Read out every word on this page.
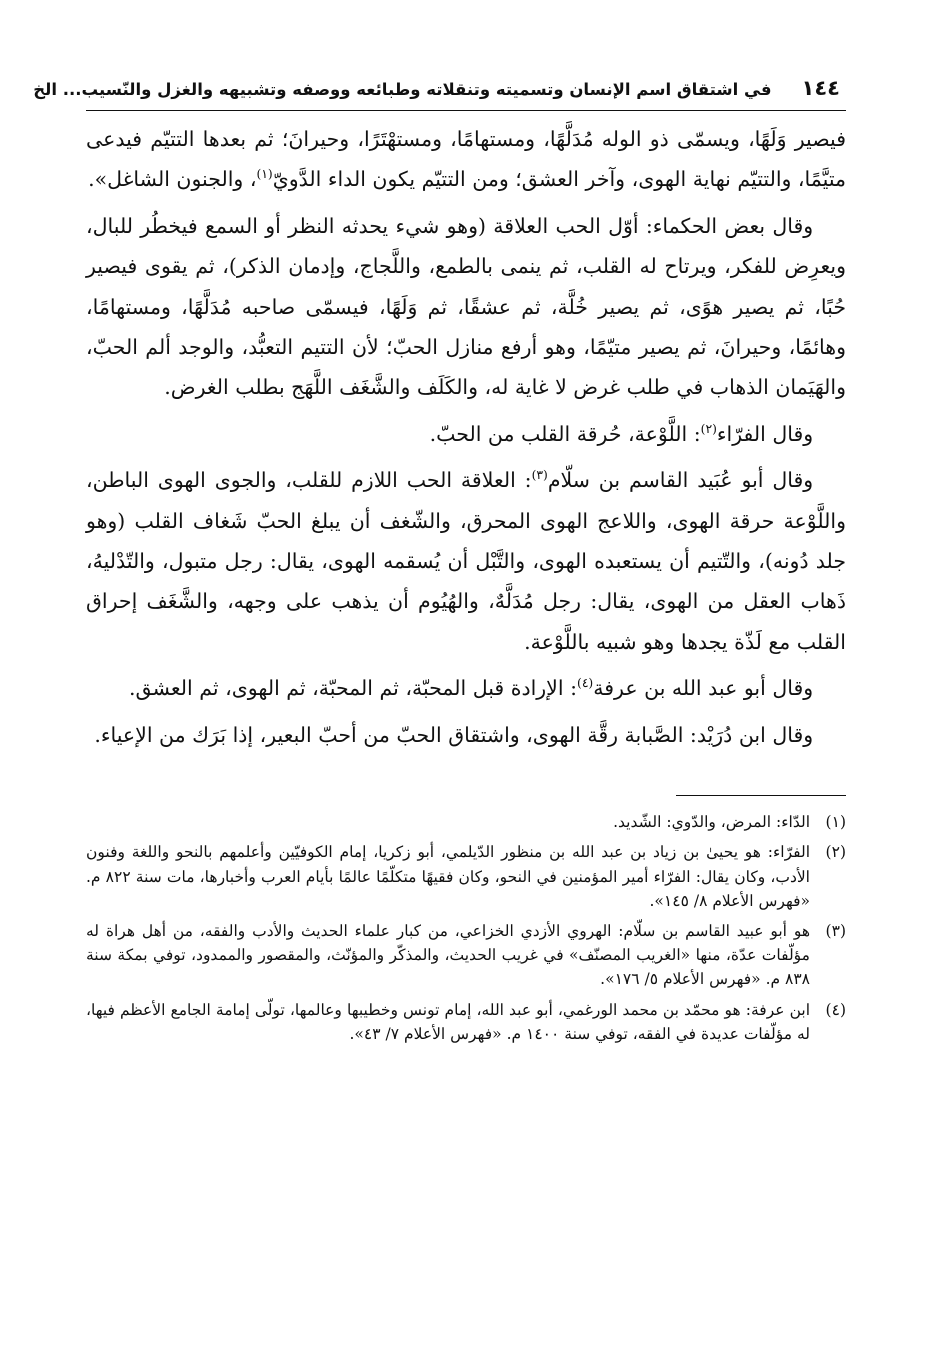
١٤٤
في اشتقاق اسم الإنسان وتسميته وتنقلاته وطبائعه ووصفه وتشبيهه والغزل والنّسيب... الخ

فيصير وَلَهًا، ويسمّى ذو الوله مُدَلَّهًا، ومستهامًا، ومستهْتَرًا، وحيرانَ؛ ثم بعدها التتيّم فيدعى متيَّمًا، والتتيّم نهاية الهوى، وآخر العشق؛ ومن التتيّم يكون الداء الدَّويّ$^{(١)}$، والجنون الشاغل».

وقال بعض الحكماء: أوّل الحب العلاقة (وهو شيء يحدثه النظر أو السمع فيخطُر للبال، ويعرِض للفكر، ويرتاح له القلب، ثم ينمى بالطمع، واللَّجاج، وإدمان الذكر)، ثم يقوى فيصير حُبًا، ثم يصير هوًى، ثم يصير خُلَّة، ثم عشقًا، ثم وَلَهًا، فيسمّى صاحبه مُدَلَّهًا، ومستهامًا، وهائمًا، وحيرانَ، ثم يصير متيّمًا، وهو أرفع منازل الحبّ؛ لأن التتيم التعبُّد، والوجد ألم الحبّ، والهَيَمان الذهاب في طلب غرض لا غاية له، والكَلَف والشَّغَف اللَّهَج بطلب الغرض.

وقال الفرّاء$^{(٢)}$: اللَّوْعة، حُرقة القلب من الحبّ.

وقال أبو عُبَيد القاسم بن سلّام$^{(٣)}$: العلاقة الحب اللازم للقلب، والجوى الهوى الباطن، واللَّوْعة حرقة الهوى، واللاعج الهوى المحرق، والشّغف أن يبلغ الحبّ شَغاف القلب (وهو جلد دُونه)، والتّتيم أن يستعبده الهوى، والتَّبْل أن يُسقمه الهوى، يقال: رجل متبول، والتّدْليهُ، ذَهاب العقل من الهوى، يقال: رجل مُدَلَّهٌ، والهُيُوم أن يذهب على وجهه، والشَّغَف إحراق القلب مع لَذّة يجدها وهو شبيه باللَّوْعة.

وقال أبو عبد الله بن عرفة$^{(٤)}$: الإرادة قبل المحبّة، ثم المحبّة، ثم الهوى، ثم العشق.

وقال ابن دُرَيْد: الصَّبابة رقَّة الهوى، واشتقاق الحبّ من أحبّ البعير، إذا بَرَك من الإعياء.

(١)
الدّاء: المرض، والدّوي: الشّديد.
(٢)
الفرّاء: هو يحيىٰ بن زياد بن عبد الله بن منظور الدّيلمي، أبو زكريا، إمام الكوفيّين وأعلمهم بالنحو واللغة وفنون الأدب، وكان يقال: الفرّاء أمير المؤمنين في النحو، وكان فقيهًا متكلّمًا عالمًا بأيام العرب وأخبارها، مات سنة ٨٢٢ م. «فهرس الأعلام ٨/ ١٤٥».
(٣)
هو أبو عبيد القاسم بن سلّام: الهروي الأزدي الخزاعي، من كبار علماء الحديث والأدب والفقه، من أهل هراة له مؤلّفات عدّة، منها «الغريب المصنّف» في غريب الحديث، والمذكّر والمؤنّث، والمقصور والممدود، توفي بمكة سنة ٨٣٨ م. «فهرس الأعلام ٥/ ١٧٦».
(٤)
ابن عرفة: هو محمّد بن محمد الورغمي، أبو عبد الله، إمام تونس وخطيبها وعالمها، تولّى إمامة الجامع الأعظم فيها، له مؤلّفات عديدة في الفقه، توفي سنة ١٤٠٠ م. «فهرس الأعلام ٧/ ٤٣».
